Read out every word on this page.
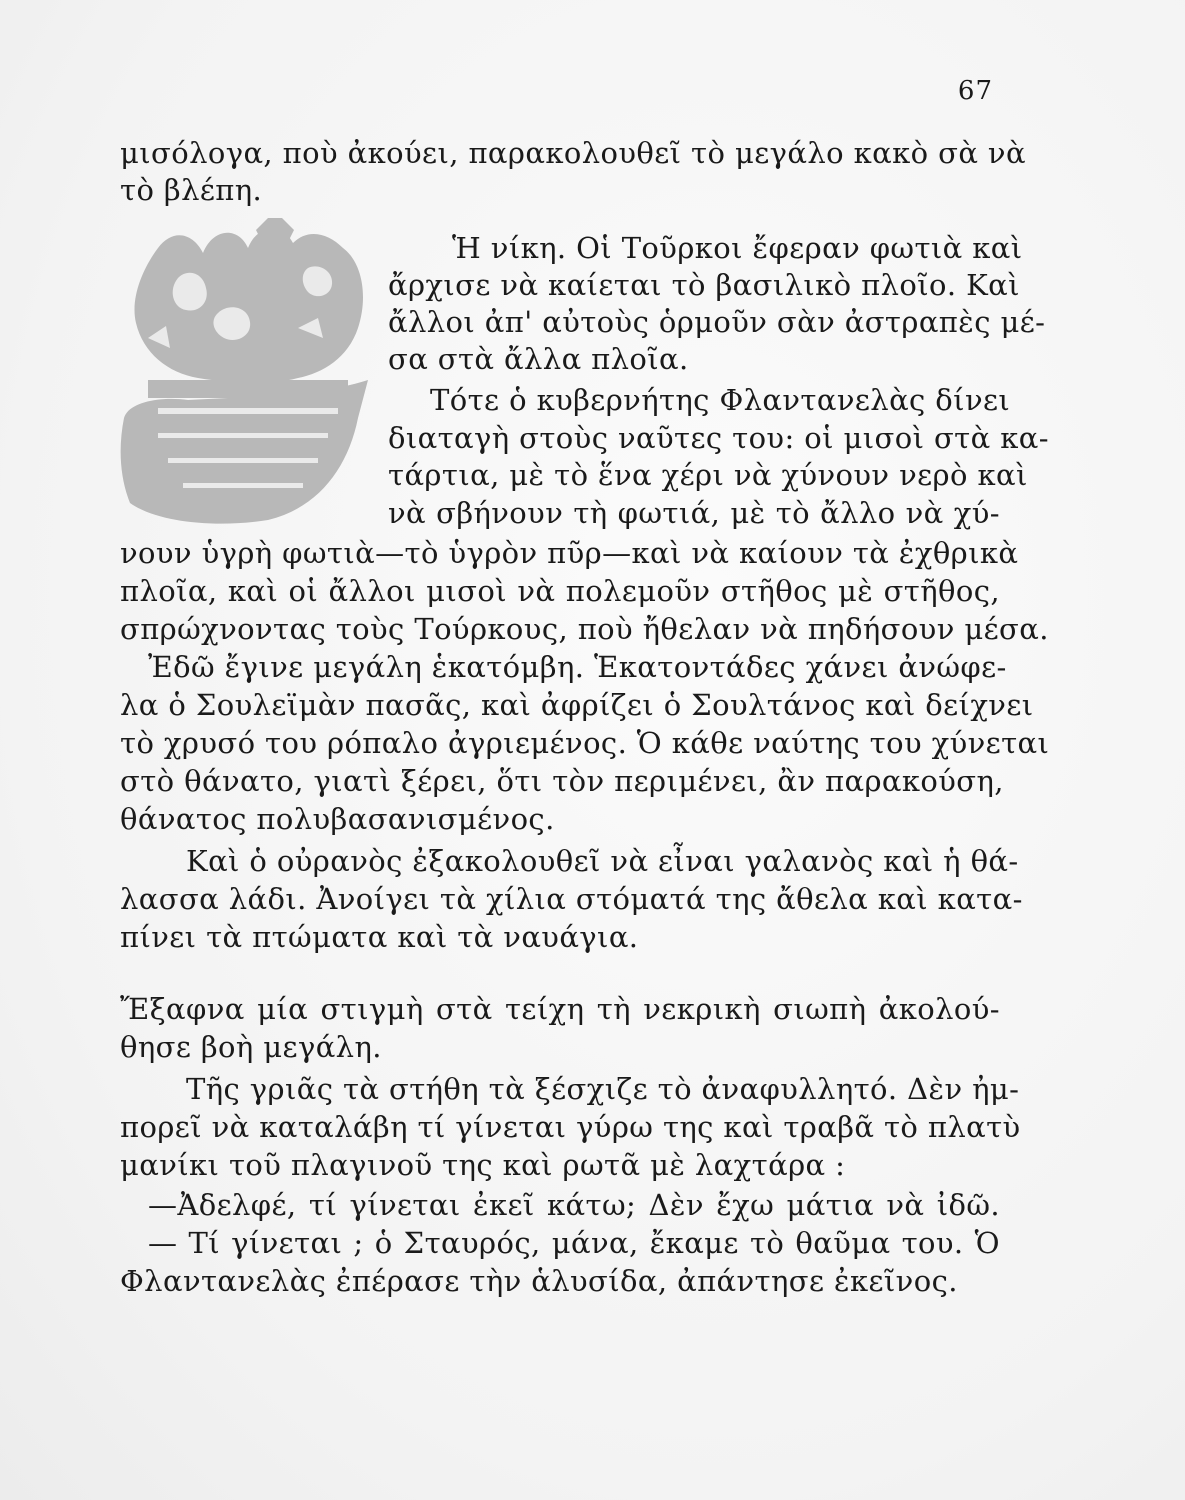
67
μισόλογα, ποὺ ἀκούει, παρακολουθεῖ τὸ μεγάλο κακὸ σὰ νὰ
τὸ βλέπη.
Ἡ νίκη. Οἱ Τοῦρκοι ἔφεραν φωτιὰ καὶ
ἄρχισε νὰ καίεται τὸ βασιλικὸ πλοῖο. Καὶ
ἄλλοι ἀπ' αὐτοὺς ὁρμοῦν σὰν ἀστραπὲς μέ-
σα στὰ ἄλλα πλοῖα.
Τότε ὁ κυβερνήτης Φλαντανελὰς δίνει
διαταγὴ στοὺς ναῦτες του: οἱ μισοὶ στὰ κα-
τάρτια, μὲ τὸ ἕνα χέρι νὰ χύνουν νερὸ καὶ
νὰ σβήνουν τὴ φωτιά, μὲ τὸ ἄλλο νὰ χύ-
νουν ὑγρὴ φωτιὰ—τὸ ὑγρὸν πῦρ—καὶ νὰ καίουν τὰ ἐχθρικὰ
πλοῖα, καὶ οἱ ἄλλοι μισοὶ νὰ πολεμοῦν στῆθος μὲ στῆθος,
σπρώχνοντας τοὺς Τούρκους, ποὺ ἤθελαν νὰ πηδήσουν μέσα.
Ἐδῶ ἔγινε μεγάλη ἑκατόμβη. Ἑκατοντάδες χάνει ἀνώφε-
λα ὁ Σουλεϊμὰν πασᾶς, καὶ ἀφρίζει ὁ Σουλτάνος καὶ δείχνει
τὸ χρυσό του ρόπαλο ἀγριεμένος. Ὁ κάθε ναύτης του χύνεται
στὸ θάνατο, γιατὶ ξέρει, ὅτι τὸν περιμένει, ἂν παρακούση,
θάνατος πολυβασανισμένος.
Καὶ ὁ οὐρανὸς ἐξακολουθεῖ νὰ εἶναι γαλανὸς καὶ ἡ θά-
λασσα λάδι. Ἀνοίγει τὰ χίλια στόματά της ἄθελα καὶ κατα-
πίνει τὰ πτώματα καὶ τὰ ναυάγια.
Ἔξαφνα μία στιγμὴ στὰ τείχη τὴ νεκρικὴ σιωπὴ ἀκολού-
θησε βοὴ μεγάλη.
Τῆς γριᾶς τὰ στήθη τὰ ξέσχιζε τὸ ἀναφυλλητό. Δὲν ἠμ-
πορεῖ νὰ καταλάβη τί γίνεται γύρω της καὶ τραβᾶ τὸ πλατὺ
μανίκι τοῦ πλαγινοῦ της καὶ ρωτᾶ μὲ λαχτάρα :
—Ἀδελφέ, τί γίνεται ἐκεῖ κάτω; Δὲν ἔχω μάτια νὰ ἰδῶ.
— Τί γίνεται ; ὁ Σταυρός, μάνα, ἔκαμε τὸ θαῦμα του. Ὁ
Φλαντανελὰς ἐπέρασε τὴν ἁλυσίδα, ἀπάντησε ἐκεῖνος.
